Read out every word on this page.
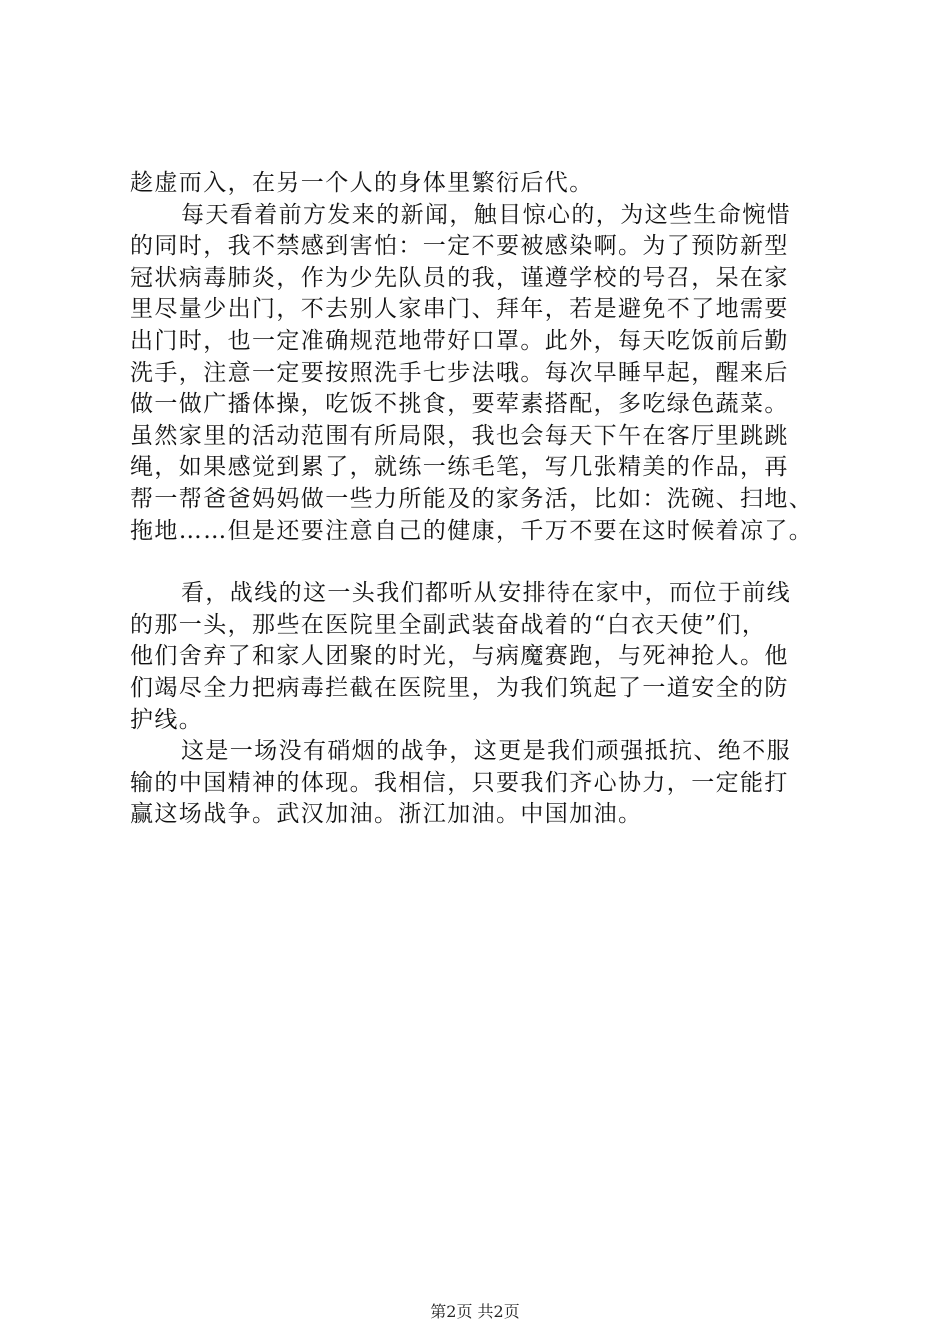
趁虚而入，在另一个人的身体里繁衍后代。
每天看着前方发来的新闻，触目惊心的，为这些生命惋惜
的同时，我不禁感到害怕：一定不要被感染啊。为了预防新型
冠状病毒肺炎，作为少先队员的我，谨遵学校的号召，呆在家
里尽量少出门，不去别人家串门、拜年，若是避免不了地需要
出门时，也一定准确规范地带好口罩。此外，每天吃饭前后勤
洗手，注意一定要按照洗手七步法哦。每次早睡早起，醒来后
做一做广播体操，吃饭不挑食，要荤素搭配，多吃绿色蔬菜。
虽然家里的活动范围有所局限，我也会每天下午在客厅里跳跳
绳，如果感觉到累了，就练一练毛笔，写几张精美的作品，再
帮一帮爸爸妈妈做一些力所能及的家务活，比如：洗碗、扫地、
拖地……但是还要注意自己的健康，千万不要在这时候着凉了。
看，战线的这一头我们都听从安排待在家中，而位于前线
的那一头，那些在医院里全副武装奋战着的“白衣天使”们，
他们舍弃了和家人团聚的时光，与病魔赛跑，与死神抢人。他
们竭尽全力把病毒拦截在医院里，为我们筑起了一道安全的防
护线。
这是一场没有硝烟的战争，这更是我们顽强抵抗、绝不服
输的中国精神的体现。我相信，只要我们齐心协力，一定能打
赢这场战争。武汉加油。浙江加油。中国加油。
第2页 共2页
